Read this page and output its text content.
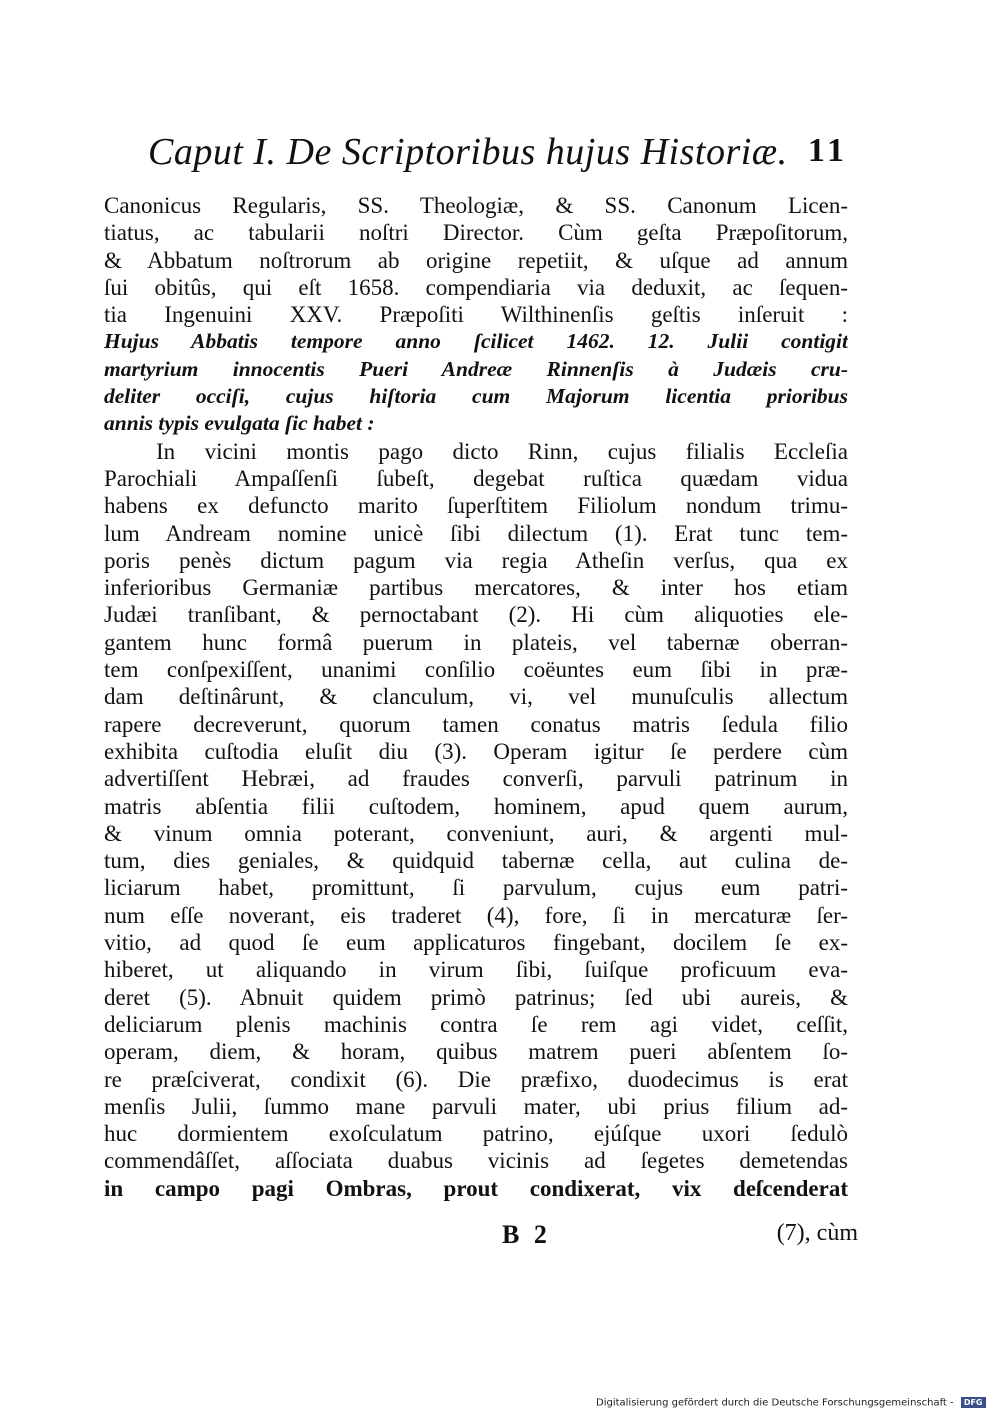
Caput I. De Scriptoribus hujus Historiæ. 11
Canonicus Regularis, SS. Theologiæ, & SS. Canonum Licen-
tiatus, ac tabularii noſtri Director. Cùm geſta Præpoſitorum,
& Abbatum noſtrorum ab origine repetiit, & uſque ad annum
ſui obitûs, qui eſt 1658. compendiaria via deduxit, ac ſequen-
tia Ingenuini XXV. Præpoſiti Wilthinenſis geſtis inſeruit :
Hujus Abbatis tempore anno ſcilicet 1462. 12. Julii contigit
martyrium innocentis Pueri Andreæ Rinnenſis à Judæis cru-
deliter occiſi, cujus hiſtoria cum Majorum licentia prioribus
annis typis evulgata ſic habet :
In vicini montis pago dicto Rinn, cujus filialis Eccleſia
Parochiali Ampaſſenſi ſubeſt, degebat ruſtica quædam vidua
habens ex defuncto marito ſuperſtitem Filiolum nondum trimu-
lum Andream nomine unicè ſibi dilectum (1). Erat tunc tem-
poris penès dictum pagum via regia Atheſin verſus, qua ex
inferioribus Germaniæ partibus mercatores, & inter hos etiam
Judæi tranſibant, & pernoctabant (2). Hi cùm aliquoties ele-
gantem hunc formâ puerum in plateis, vel tabernæ oberran-
tem conſpexiſſent, unanimi conſilio coëuntes eum ſibi in præ-
dam deſtinârunt, & clanculum, vi, vel munuſculis allectum
rapere decreverunt, quorum tamen conatus matris ſedula filio
exhibita cuſtodia eluſit diu (3). Operam igitur ſe perdere cùm
advertiſſent Hebræi, ad fraudes converſi, parvuli patrinum in
matris abſentia filii cuſtodem, hominem, apud quem aurum,
& vinum omnia poterant, conveniunt, auri, & argenti mul-
tum, dies geniales, & quidquid tabernæ cella, aut culina de-
liciarum habet, promittunt, ſi parvulum, cujus eum patri-
num eſſe noverant, eis traderet (4), fore, ſi in mercaturæ ſer-
vitio, ad quod ſe eum applicaturos fingebant, docilem ſe ex-
hiberet, ut aliquando in virum ſibi, ſuiſque proficuum eva-
deret (5). Abnuit quidem primò patrinus; ſed ubi aureis, &
deliciarum plenis machinis contra ſe rem agi videt, ceſſit,
operam, diem, & horam, quibus matrem pueri abſentem ſo-
re præſciverat, condixit (6). Die præfixo, duodecimus is erat
menſis Julii, ſummo mane parvuli mater, ubi prius filium ad-
huc dormientem exoſculatum patrino, ejúſque uxori ſedulò
commendâſſet, aſſociata duabus vicinis ad ſegetes demetendas
in campo pagi Ombras, prout condixerat, vix deſcenderat
B 2	(7), cùm
Digitalisierung gefördert durch die Deutsche Forschungsgemeinschaft - DFG
